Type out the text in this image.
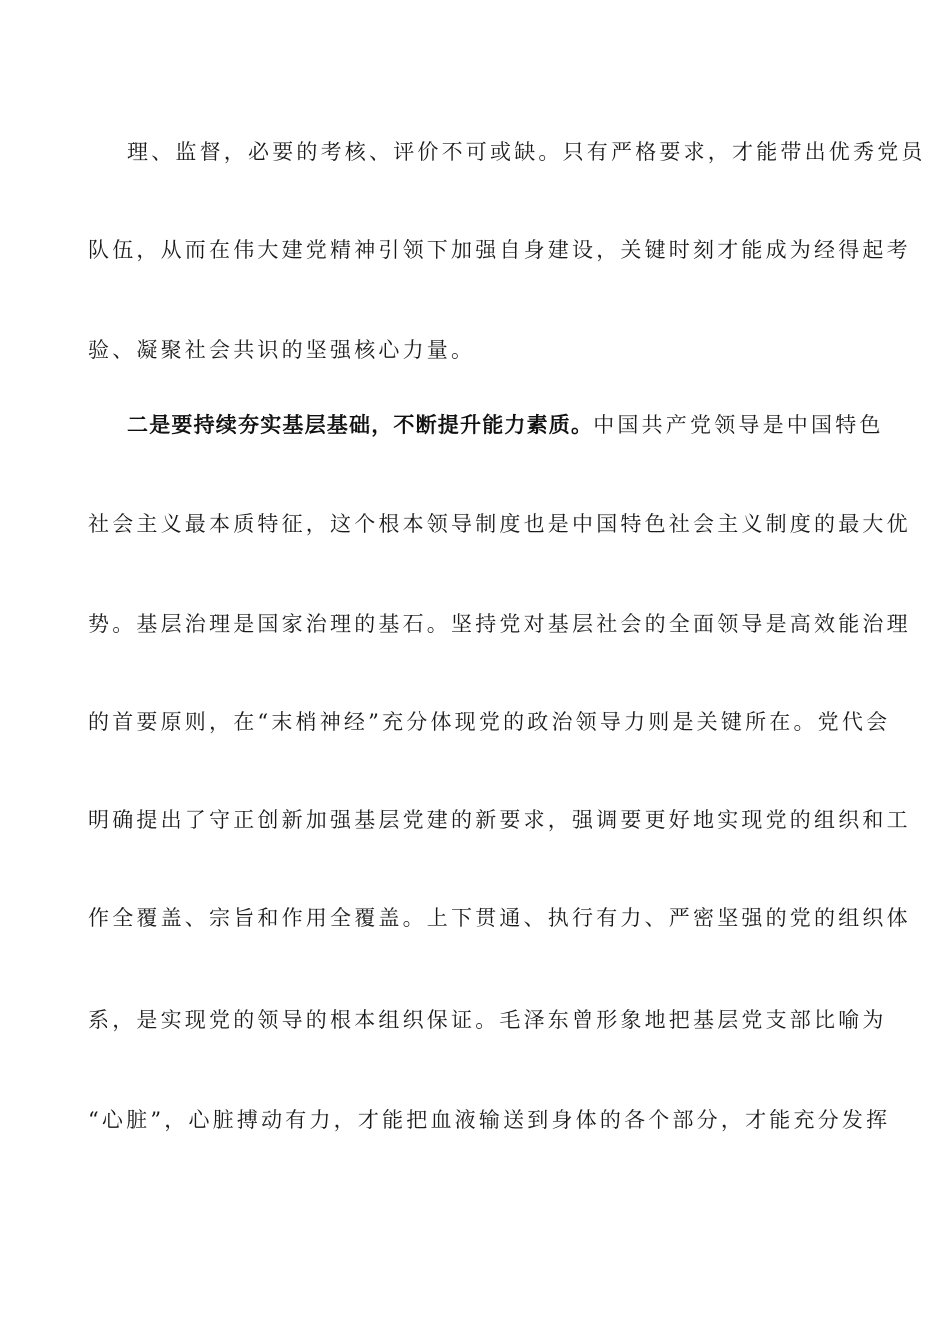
理、监督，必要的考核、评价不可或缺。只有严格要求，才能带出优秀党员
队伍，从而在伟大建党精神引领下加强自身建设，关键时刻才能成为经得起考
验、凝聚社会共识的坚强核心力量。
二是要持续夯实基层基础，不断提升能力素质。中国共产党领导是中国特色
社会主义最本质特征，这个根本领导制度也是中国特色社会主义制度的最大优
势。基层治理是国家治理的基石。坚持党对基层社会的全面领导是高效能治理
的首要原则，在“末梢神经”充分体现党的政治领导力则是关键所在。党代会
明确提出了守正创新加强基层党建的新要求，强调要更好地实现党的组织和工
作全覆盖、宗旨和作用全覆盖。上下贯通、执行有力、严密坚强的党的组织体
系，是实现党的领导的根本组织保证。毛泽东曾形象地把基层党支部比喻为
“心脏”，心脏搏动有力，才能把血液输送到身体的各个部分，才能充分发挥
